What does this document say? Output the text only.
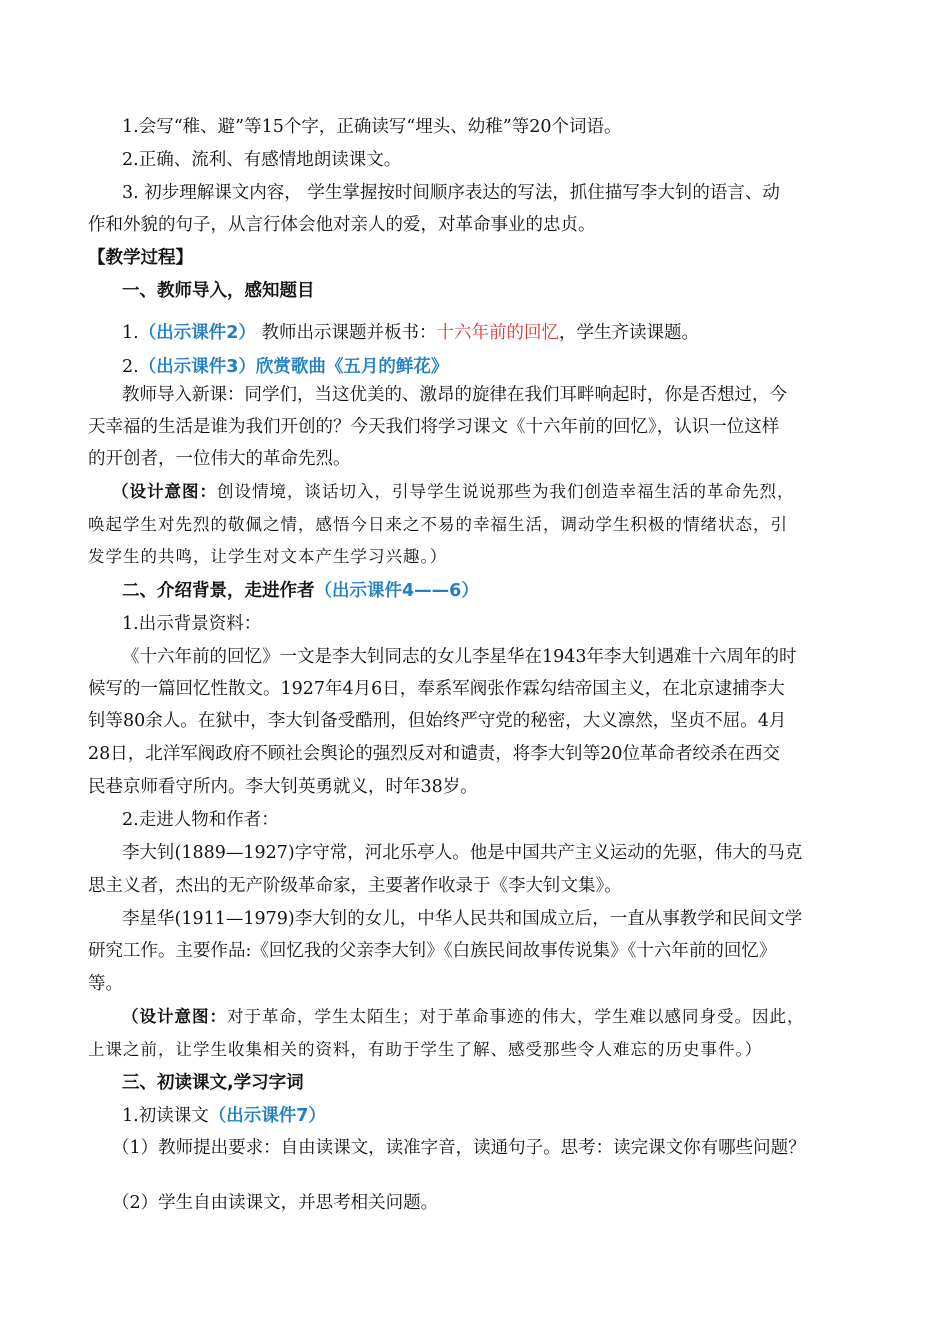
1.会写“稚、避”等15个字，正确读写“埋头、幼稚”等20个词语。
2.正确、流利、有感情地朗读课文。
3. 初步理解课文内容， 学生掌握按时间顺序表达的写法，抓住描写李大钊的语言、动
作和外貌的句子，从言行体会他对亲人的爱，对革命事业的忠贞。
【教学过程】
一、教师导入，感知题目
1.（出示课件2） 教师出示课题并板书：十六年前的回忆，学生齐读课题。
2.（出示课件3）欣赏歌曲《五月的鲜花》
教师导入新课：同学们，当这优美的、激昂的旋律在我们耳畔响起时，你是否想过，今
天幸福的生活是谁为我们开创的？今天我们将学习课文《十六年前的回忆》，认识一位这样
的开创者，一位伟大的革命先烈。
（设计意图：创设情境，谈话切入，引导学生说说那些为我们创造幸福生活的革命先烈，
唤起学生对先烈的敬佩之情，感悟今日来之不易的幸福生活，调动学生积极的情绪状态，引
发学生的共鸣，让学生对文本产生学习兴趣。）
二、介绍背景，走进作者（出示课件4——6）
1.出示背景资料：
《十六年前的回忆》一文是李大钊同志的女儿李星华在1943年李大钊遇难十六周年的时
候写的一篇回忆性散文。1927年4月6日，奉系军阀张作霖勾结帝国主义，在北京逮捕李大
钊等80余人。在狱中，李大钊备受酷刑，但始终严守党的秘密，大义凛然，坚贞不屈。4月
28日，北洋军阀政府不顾社会舆论的强烈反对和谴责，将李大钊等20位革命者绞杀在西交
民巷京师看守所内。李大钊英勇就义，时年38岁。
2.走进人物和作者：
李大钊(1889—1927)字守常，河北乐亭人。他是中国共产主义运动的先驱，伟大的马克
思主义者，杰出的无产阶级革命家，主要著作收录于《李大钊文集》。
李星华(1911—1979)李大钊的女儿，中华人民共和国成立后，一直从事教学和民间文学
研究工作。主要作品:《回忆我的父亲李大钊》《白族民间故事传说集》《十六年前的回忆》
等。
（设计意图：对于革命，学生太陌生；对于革命事迹的伟大，学生难以感同身受。因此，
上课之前，让学生收集相关的资料，有助于学生了解、感受那些令人难忘的历史事件。）
三、初读课文,学习字词
1.初读课文（出示课件7）
（1）教师提出要求：自由读课文，读准字音，读通句子。思考：读完课文你有哪些问题？
（2）学生自由读课文，并思考相关问题。
